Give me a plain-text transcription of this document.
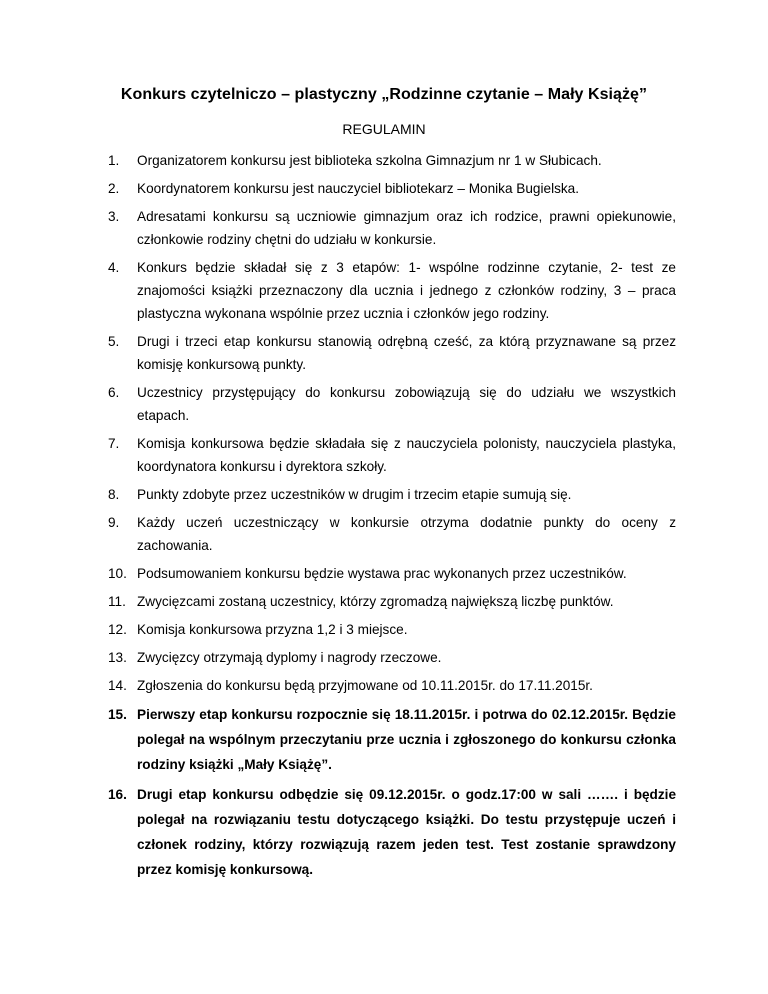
Konkurs czytelniczo – plastyczny „Rodzinne czytanie – Mały Książę”
REGULAMIN
1. Organizatorem konkursu jest biblioteka szkolna Gimnazjum nr 1 w Słubicach.
2. Koordynatorem konkursu jest nauczyciel bibliotekarz – Monika Bugielska.
3. Adresatami konkursu są uczniowie gimnazjum oraz ich rodzice, prawni opiekunowie, członkowie rodziny chętni do udziału w konkursie.
4. Konkurs będzie składał się z 3 etapów: 1- wspólne rodzinne czytanie, 2- test ze znajomości książki przeznaczony dla ucznia i jednego z członków rodziny, 3 – praca plastyczna wykonana wspólnie przez ucznia i członków jego rodziny.
5. Drugi i trzeci etap konkursu stanowią odrębną cześć, za którą przyznawane są przez komisję konkursową punkty.
6. Uczestnicy przystępujący do konkursu zobowiązują się do udziału we wszystkich etapach.
7. Komisja konkursowa będzie składała się z nauczyciela polonisty, nauczyciela plastyka, koordynatora konkursu i dyrektora szkoły.
8. Punkty zdobyte przez uczestników w drugim i trzecim etapie sumują się.
9. Każdy uczeń uczestniczący w konkursie otrzyma dodatnie punkty do oceny z zachowania.
10. Podsumowaniem konkursu będzie wystawa prac wykonanych przez uczestników.
11. Zwycięzcami zostaną uczestnicy, którzy zgromadzą największą liczbę punktów.
12. Komisja konkursowa przyzna 1,2 i 3 miejsce.
13. Zwycięzcy otrzymają dyplomy i nagrody rzeczowe.
14. Zgłoszenia do konkursu będą przyjmowane od 10.11.2015r. do 17.11.2015r.
15. Pierwszy etap konkursu rozpocznie się 18.11.2015r. i potrwa do 02.12.2015r. Będzie polegał na wspólnym przeczytaniu prze ucznia i zgłoszonego do konkursu członka rodziny książki „Mały Książę”.
16. Drugi etap konkursu odbędzie się 09.12.2015r. o godz.17:00 w sali ……. i będzie polegał na rozwiązaniu testu dotyczącego książki. Do testu przystępuje uczeń i członek rodziny, którzy rozwiązują razem jeden test. Test zostanie sprawdzony przez komisję konkursową.
